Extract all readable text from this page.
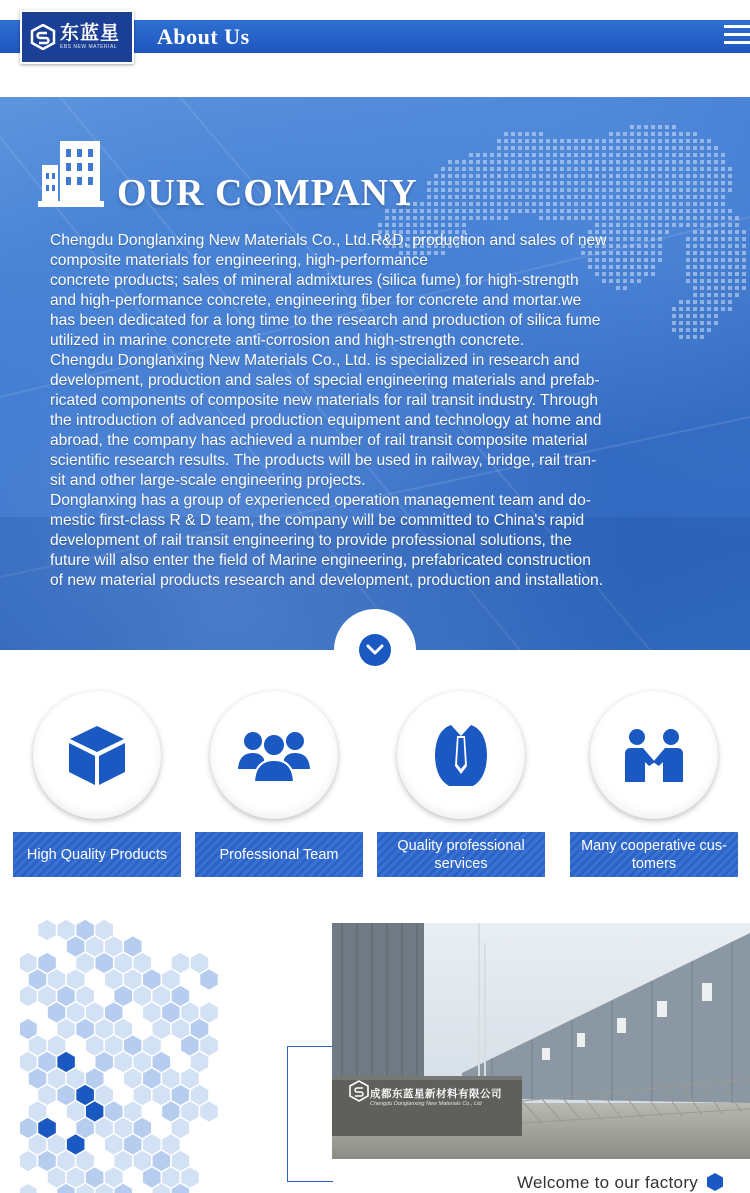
东蓝星
EBS NEW MATERIAL About Us
OUR COMPANY

Chengdu Donglanxing New Materials Co., Ltd.R&D, production and sales of new
composite materials for engineering, high-performance
concrete products; sales of mineral admixtures (silica fume) for high-strength
and high-performance concrete, engineering fiber for concrete and mortar.we
has been dedicated for a long time to the research and production of silica fume
utilized in marine concrete anti-corrosion and high-strength concrete.

Chengdu Donglanxing New Materials Co., Ltd. is specialized in research and
development, production and sales of special engineering materials and prefab-
ricated components of composite new materials for rail transit industry. Through
the introduction of advanced production equipment and technology at home and
abroad, the company has achieved a number of rail transit composite material
scientific research results. The products will be used in railway, bridge, rail tran-
sit and other large-scale engineering projects.

Donglanxing has a group of experienced operation management team and do-
mestic first-class R & D team, the company will be committed to China's rapid
development of rail transit engineering to provide professional solutions, the
future will also enter the field of Marine engineering, prefabricated construction
of new material products research and development, production and installation.

High Quality Products	Professional Team
Quality professional services
Many cooperative cus-tomers
成都东蓝星新材料有限公司
Chengdu Donglanxing New Materials Co., Ltd
Welcome to our factory
